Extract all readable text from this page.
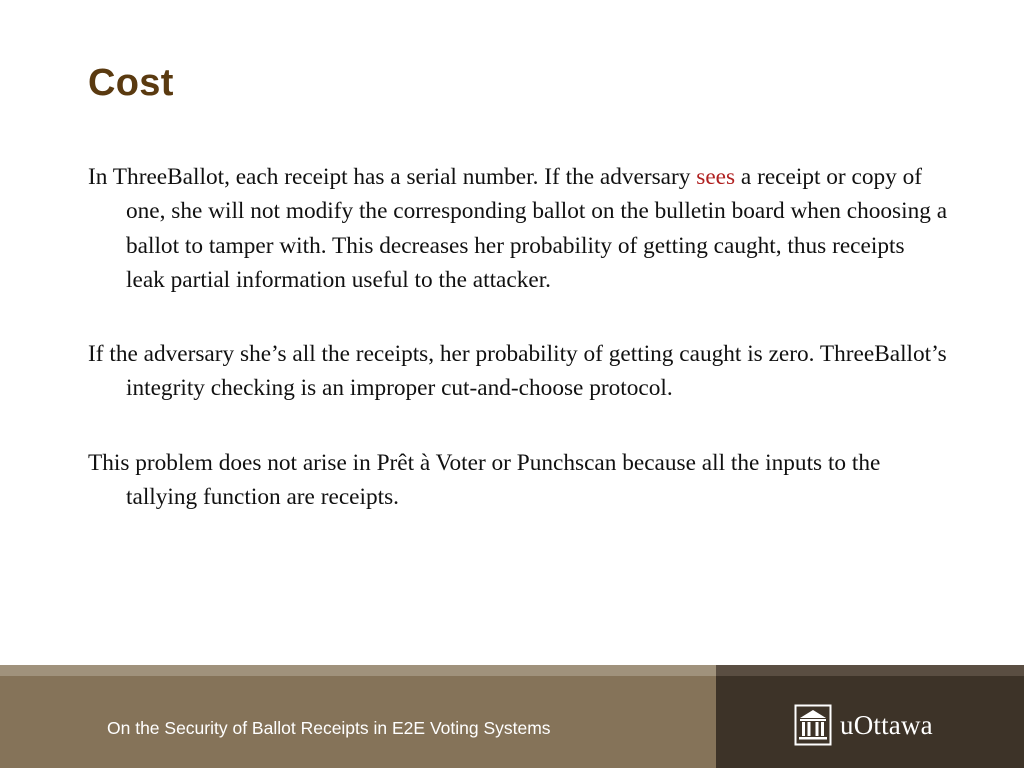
Cost

In ThreeBallot, each receipt has a serial number. If the adversary sees a receipt or copy of one, she will not modify the corresponding ballot on the bulletin board when choosing a ballot to tamper with. This decreases her probability of getting caught, thus receipts leak partial information useful to the attacker.

If the adversary she’s all the receipts, her probability of getting caught is zero. ThreeBallot’s integrity checking is an improper cut-and-choose protocol.

This problem does not arise in Prêt à Voter or Punchscan because all the inputs to the tallying function are receipts.

On the Security of Ballot Receipts in E2E Voting Systems	uOttawa
